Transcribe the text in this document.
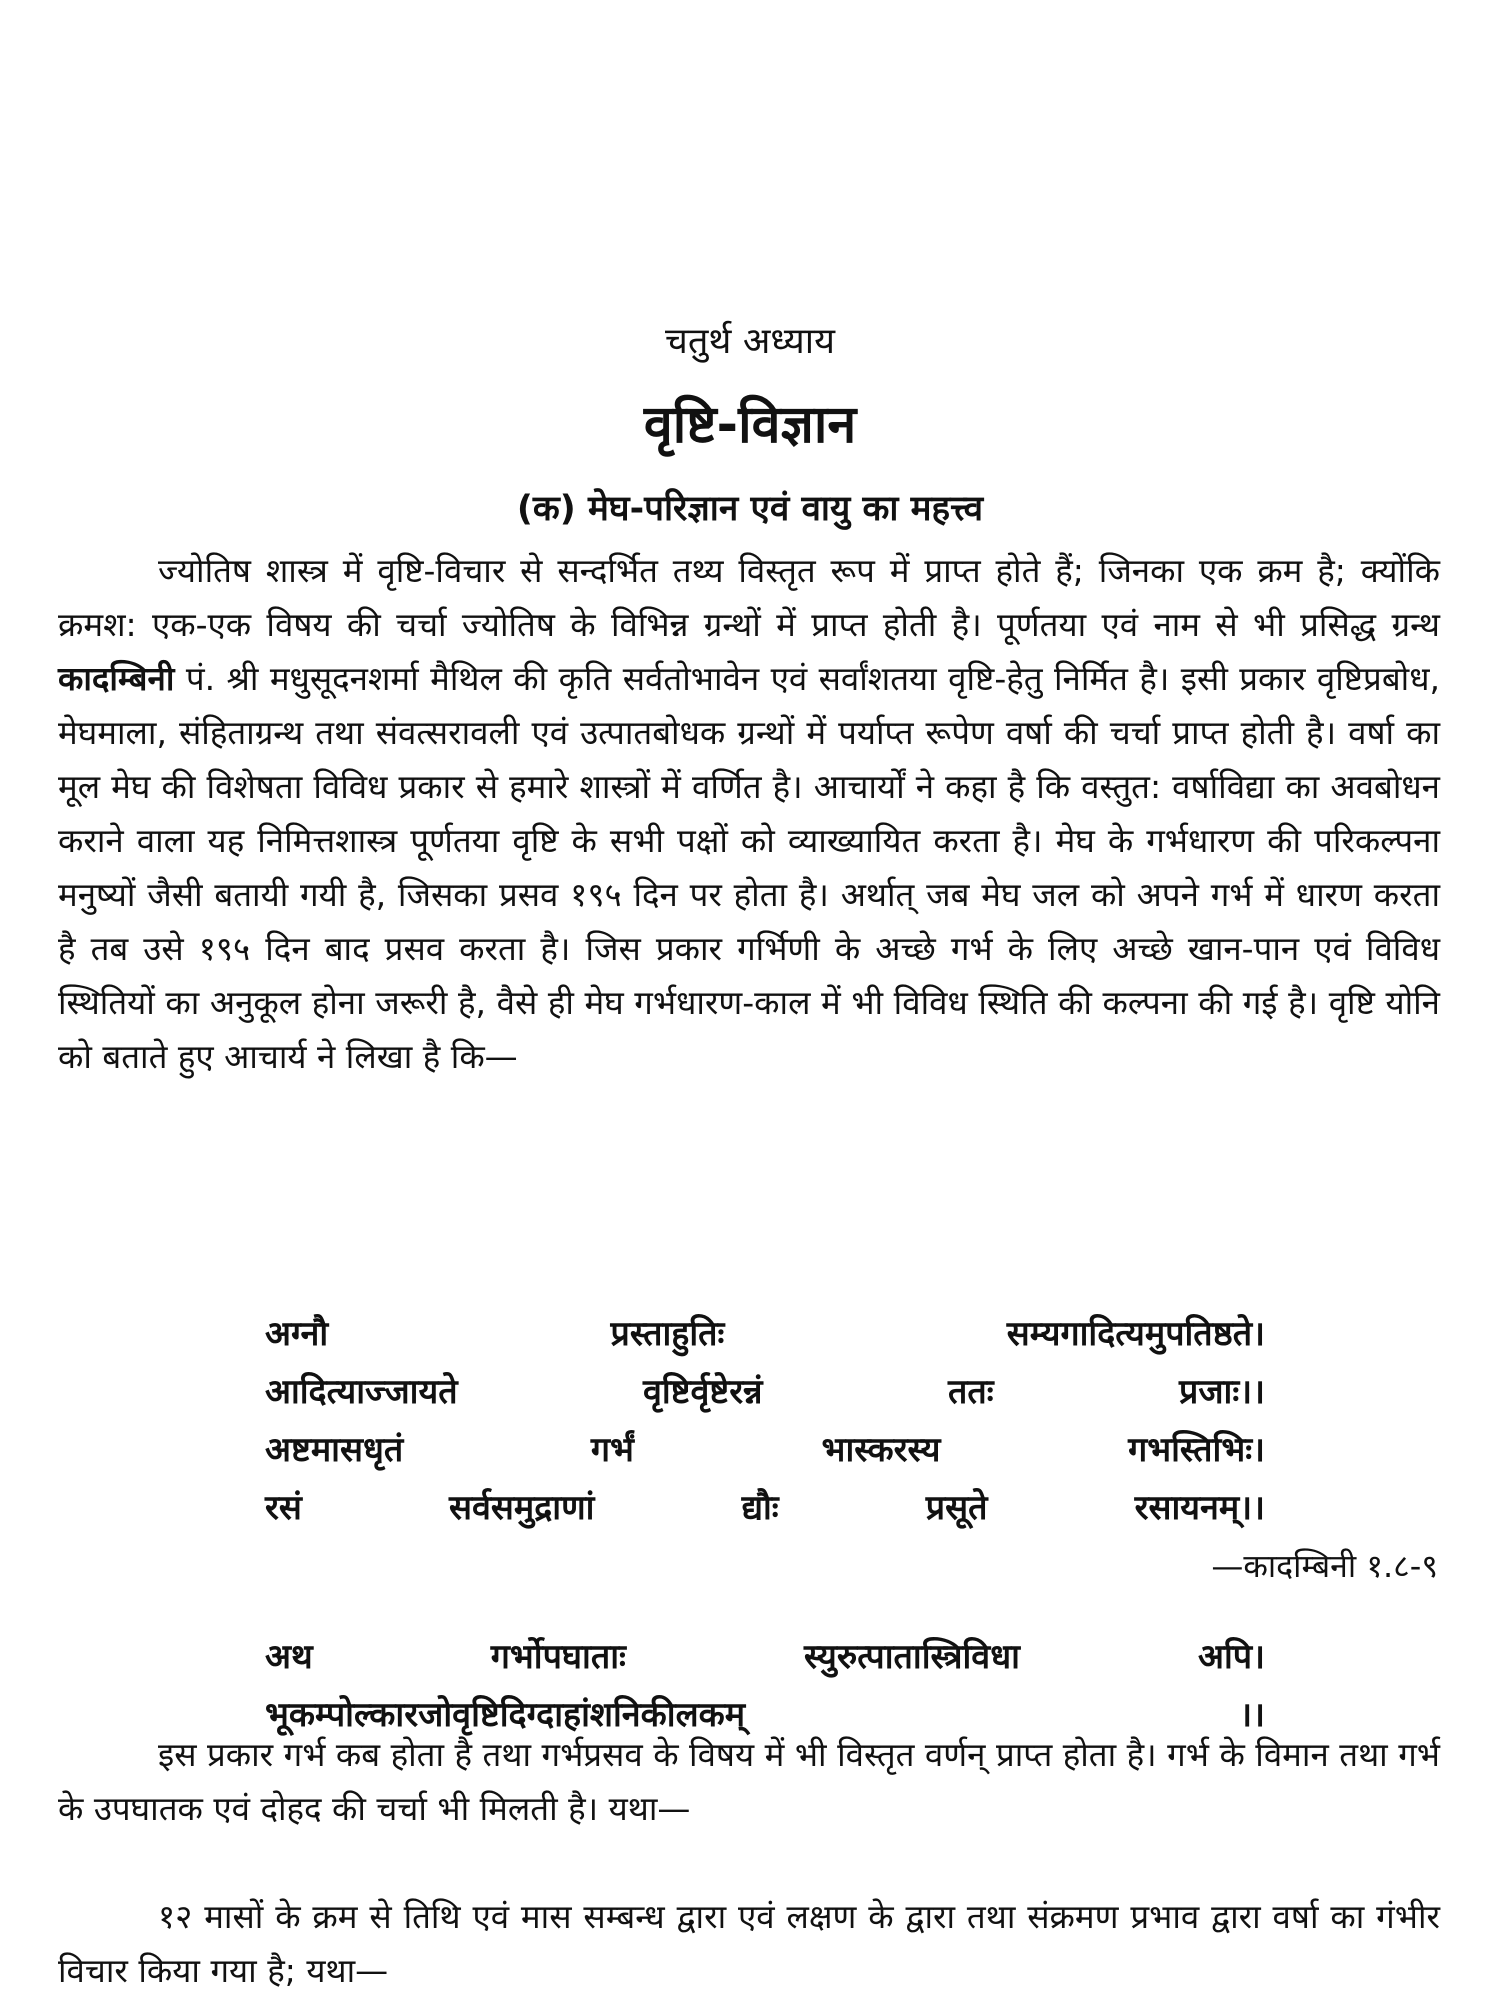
चतुर्थ अध्याय
वृष्टि-विज्ञान
(क) मेघ-परिज्ञान एवं वायु का महत्त्व

ज्योतिष शास्त्र में वृष्टि-विचार से सन्दर्भित तथ्य विस्तृत रूप में प्राप्त होते हैं; जिनका एक क्रम है; क्योंकि क्रमश: एक-एक विषय की चर्चा ज्योतिष के विभिन्न ग्रन्थों में प्राप्त होती है। पूर्णतया एवं नाम से भी प्रसिद्ध ग्रन्थ कादम्बिनी पं. श्री मधुसूदनशर्मा मैथिल की कृति सर्वतोभावेन एवं सर्वांशतया वृष्टि-हेतु निर्मित है। इसी प्रकार वृष्टिप्रबोध, मेघमाला, संहिताग्रन्थ तथा संवत्सरावली एवं उत्पातबोधक ग्रन्थों में पर्याप्त रूपेण वर्षा की चर्चा प्राप्त होती है। वर्षा का मूल मेघ की विशेषता विविध प्रकार से हमारे शास्त्रों में वर्णित है। आचार्यों ने कहा है कि वस्तुत: वर्षाविद्या का अवबोधन कराने वाला यह निमित्तशास्त्र पूर्णतया वृष्टि के सभी पक्षों को व्याख्यायित करता है। मेघ के गर्भधारण की परिकल्पना मनुष्यों जैसी बतायी गयी है, जिसका प्रसव १९५ दिन पर होता है। अर्थात् जब मेघ जल को अपने गर्भ में धारण करता है तब उसे १९५ दिन बाद प्रसव करता है। जिस प्रकार गर्भिणी के अच्छे गर्भ के लिए अच्छे खान-पान एवं विविध स्थितियों का अनुकूल होना जरूरी है, वैसे ही मेघ गर्भधारण-काल में भी विविध स्थिति की कल्पना की गई है। वृष्टि योनि को बताते हुए आचार्य ने लिखा है कि—

अग्नौ	प्रस्ताहुतिः	सम्यगादित्यमुपतिष्ठते।
आदित्याज्जायते	वृष्टिर्वृष्टेरन्नं	ततः	प्रजाः।।
अष्टमासधृतं	गर्भं	भास्करस्य	गभस्तिभिः।
रसं	सर्वसमुद्राणां	द्यौः	प्रसूते	रसायनम्।।

—कादम्बिनी १.८-९

इस प्रकार गर्भ कब होता है तथा गर्भप्रसव के विषय में भी विस्तृत वर्णन् प्राप्त होता है। गर्भ के विमान तथा गर्भ के उपघातक एवं दोहद की चर्चा भी मिलती है। यथा—

अथ	गर्भोपघाताः	स्युरुत्पातास्त्रिविधा	अपि।
भूकम्पोल्कारजोवृष्टिदिग्दाहांशनिकीलकम्	।।

१२ मासों के क्रम से तिथि एवं मास सम्बन्ध द्वारा एवं लक्षण के द्वारा तथा संक्रमण प्रभाव द्वारा वर्षा का गंभीर विचार किया गया है; यथा—
